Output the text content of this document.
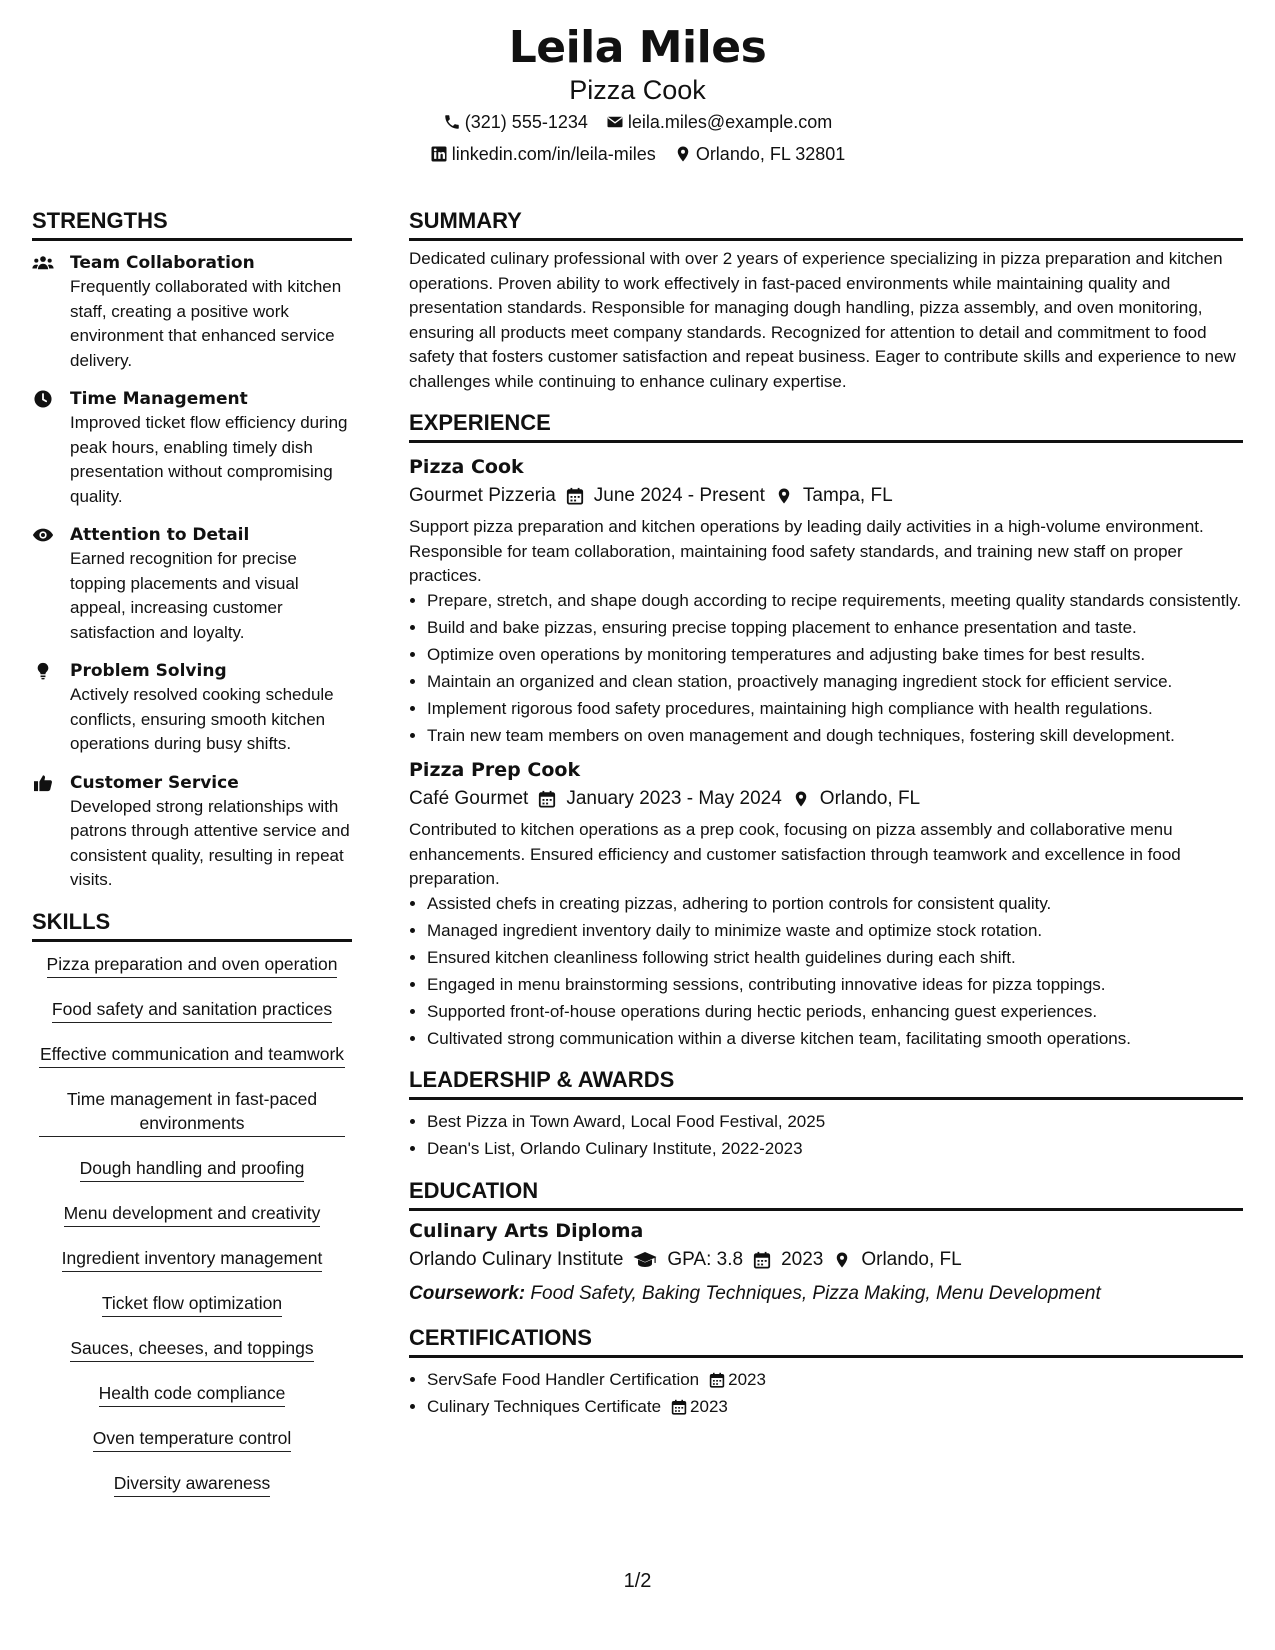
Leila Miles
Pizza Cook
(321) 555-1234 leila.miles@example.com
linkedin.com/in/leila-miles Orlando, FL 32801
STRENGTHS
Team Collaboration
Frequently collaborated with kitchen staff, creating a positive work environment that enhanced service delivery.
Time Management
Improved ticket flow efficiency during peak hours, enabling timely dish presentation without compromising quality.
Attention to Detail
Earned recognition for precise topping placements and visual appeal, increasing customer satisfaction and loyalty.
Problem Solving
Actively resolved cooking schedule conflicts, ensuring smooth kitchen operations during busy shifts.
Customer Service
Developed strong relationships with patrons through attentive service and consistent quality, resulting in repeat visits.
SKILLS
Pizza preparation and oven operation
Food safety and sanitation practices
Effective communication and teamwork
Time management in fast-paced environments
Dough handling and proofing
Menu development and creativity
Ingredient inventory management
Ticket flow optimization
Sauces, cheeses, and toppings
Health code compliance
Oven temperature control
Diversity awareness
SUMMARY

Dedicated culinary professional with over 2 years of experience specializing in pizza preparation and kitchen operations. Proven ability to work effectively in fast-paced environments while maintaining quality and presentation standards. Responsible for managing dough handling, pizza assembly, and oven monitoring, ensuring all products meet company standards. Recognized for attention to detail and commitment to food safety that fosters customer satisfaction and repeat business. Eager to contribute skills and experience to new challenges while continuing to enhance culinary expertise.

EXPERIENCE
Pizza Cook
Gourmet Pizzeria June 2024 - Present Tampa, FL

Support pizza preparation and kitchen operations by leading daily activities in a high-volume environment. Responsible for team collaboration, maintaining food safety standards, and training new staff on proper practices.

• Prepare, stretch, and shape dough according to recipe requirements, meeting quality standards consistently.
• Build and bake pizzas, ensuring precise topping placement to enhance presentation and taste.
• Optimize oven operations by monitoring temperatures and adjusting bake times for best results.
• Maintain an organized and clean station, proactively managing ingredient stock for efficient service.
• Implement rigorous food safety procedures, maintaining high compliance with health regulations.
• Train new team members on oven management and dough techniques, fostering skill development.
Pizza Prep Cook
Café Gourmet January 2023 - May 2024 Orlando, FL

Contributed to kitchen operations as a prep cook, focusing on pizza assembly and collaborative menu enhancements. Ensured efficiency and customer satisfaction through teamwork and excellence in food preparation.

• Assisted chefs in creating pizzas, adhering to portion controls for consistent quality.
• Managed ingredient inventory daily to minimize waste and optimize stock rotation.
• Ensured kitchen cleanliness following strict health guidelines during each shift.
• Engaged in menu brainstorming sessions, contributing innovative ideas for pizza toppings.
• Supported front-of-house operations during hectic periods, enhancing guest experiences.
• Cultivated strong communication within a diverse kitchen team, facilitating smooth operations.
LEADERSHIP & AWARDS
• Best Pizza in Town Award, Local Food Festival, 2025
• Dean's List, Orlando Culinary Institute, 2022-2023
EDUCATION
Culinary Arts Diploma
Orlando Culinary Institute GPA: 3.8 2023 Orlando, FL
Coursework: Food Safety, Baking Techniques, Pizza Making, Menu Development
CERTIFICATIONS
• ServSafe Food Handler Certification 2023
• Culinary Techniques Certificate 2023
1/2
